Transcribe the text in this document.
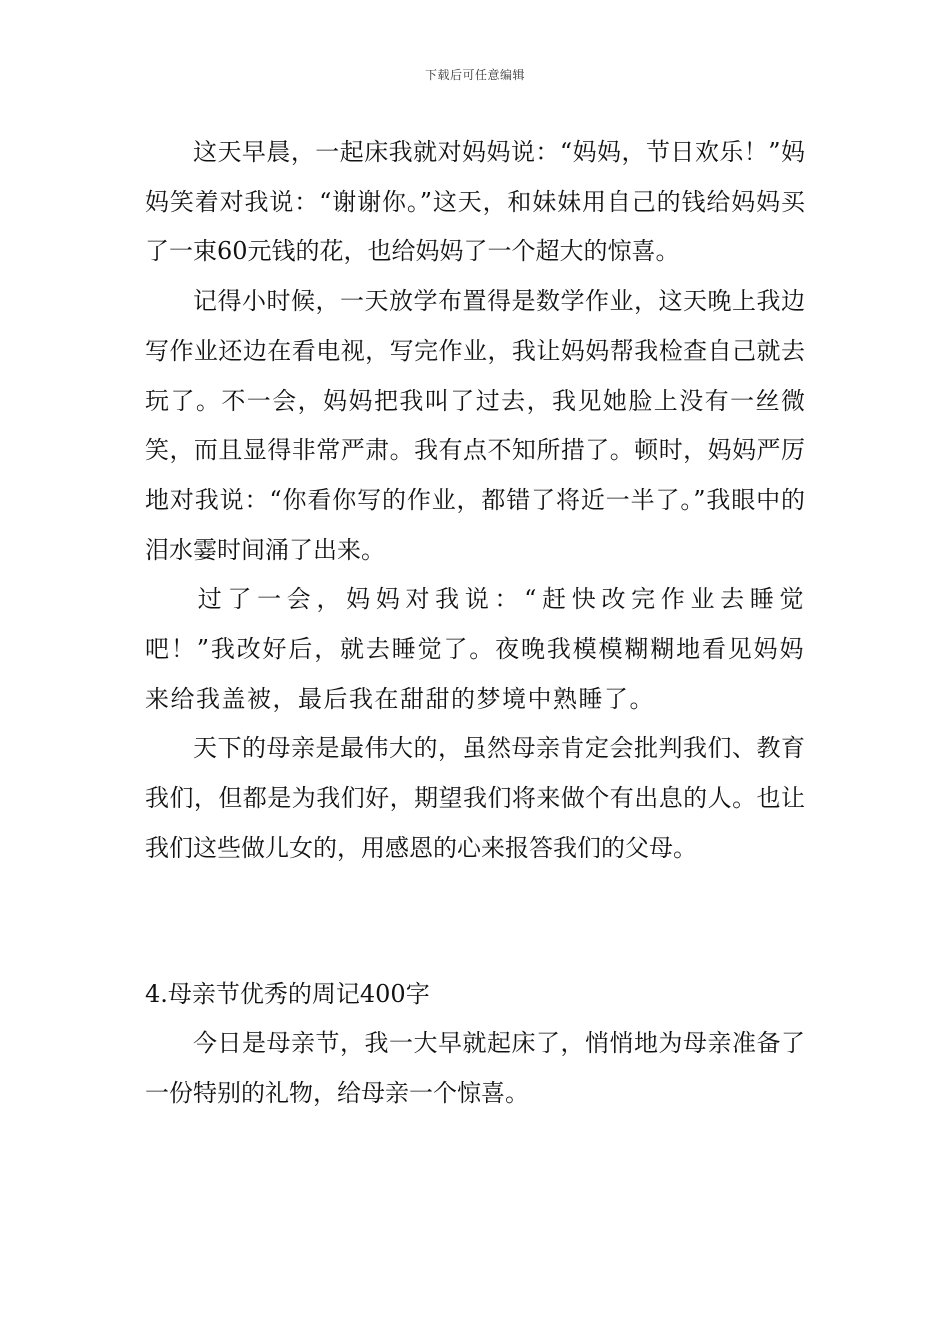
下载后可任意编辑

这天早晨，一起床我就对妈妈说：“妈妈，节日欢乐！”妈妈笑着对我说：“谢谢你。”这天，和妹妹用自己的钱给妈妈买了一束60元钱的花，也给妈妈了一个超大的惊喜。

记得小时候，一天放学布置得是数学作业，这天晚上我边写作业还边在看电视，写完作业，我让妈妈帮我检查自己就去玩了。不一会，妈妈把我叫了过去，我见她脸上没有一丝微笑，而且显得非常严肃。我有点不知所措了。顿时，妈妈严厉地对我说：“你看你写的作业，都错了将近一半了。”我眼中的泪水霎时间涌了出来。

过了一会，妈妈对我说：“赶快改完作业去睡觉吧！”我改好后，就去睡觉了。夜晚我模模糊糊地看见妈妈来给我盖被，最后我在甜甜的梦境中熟睡了。

天下的母亲是最伟大的，虽然母亲肯定会批判我们、教育我们，但都是为我们好，期望我们将来做个有出息的人。也让我们这些做儿女的，用感恩的心来报答我们的父母。

4.母亲节优秀的周记400字

今日是母亲节，我一大早就起床了，悄悄地为母亲准备了一份特别的礼物，给母亲一个惊喜。
